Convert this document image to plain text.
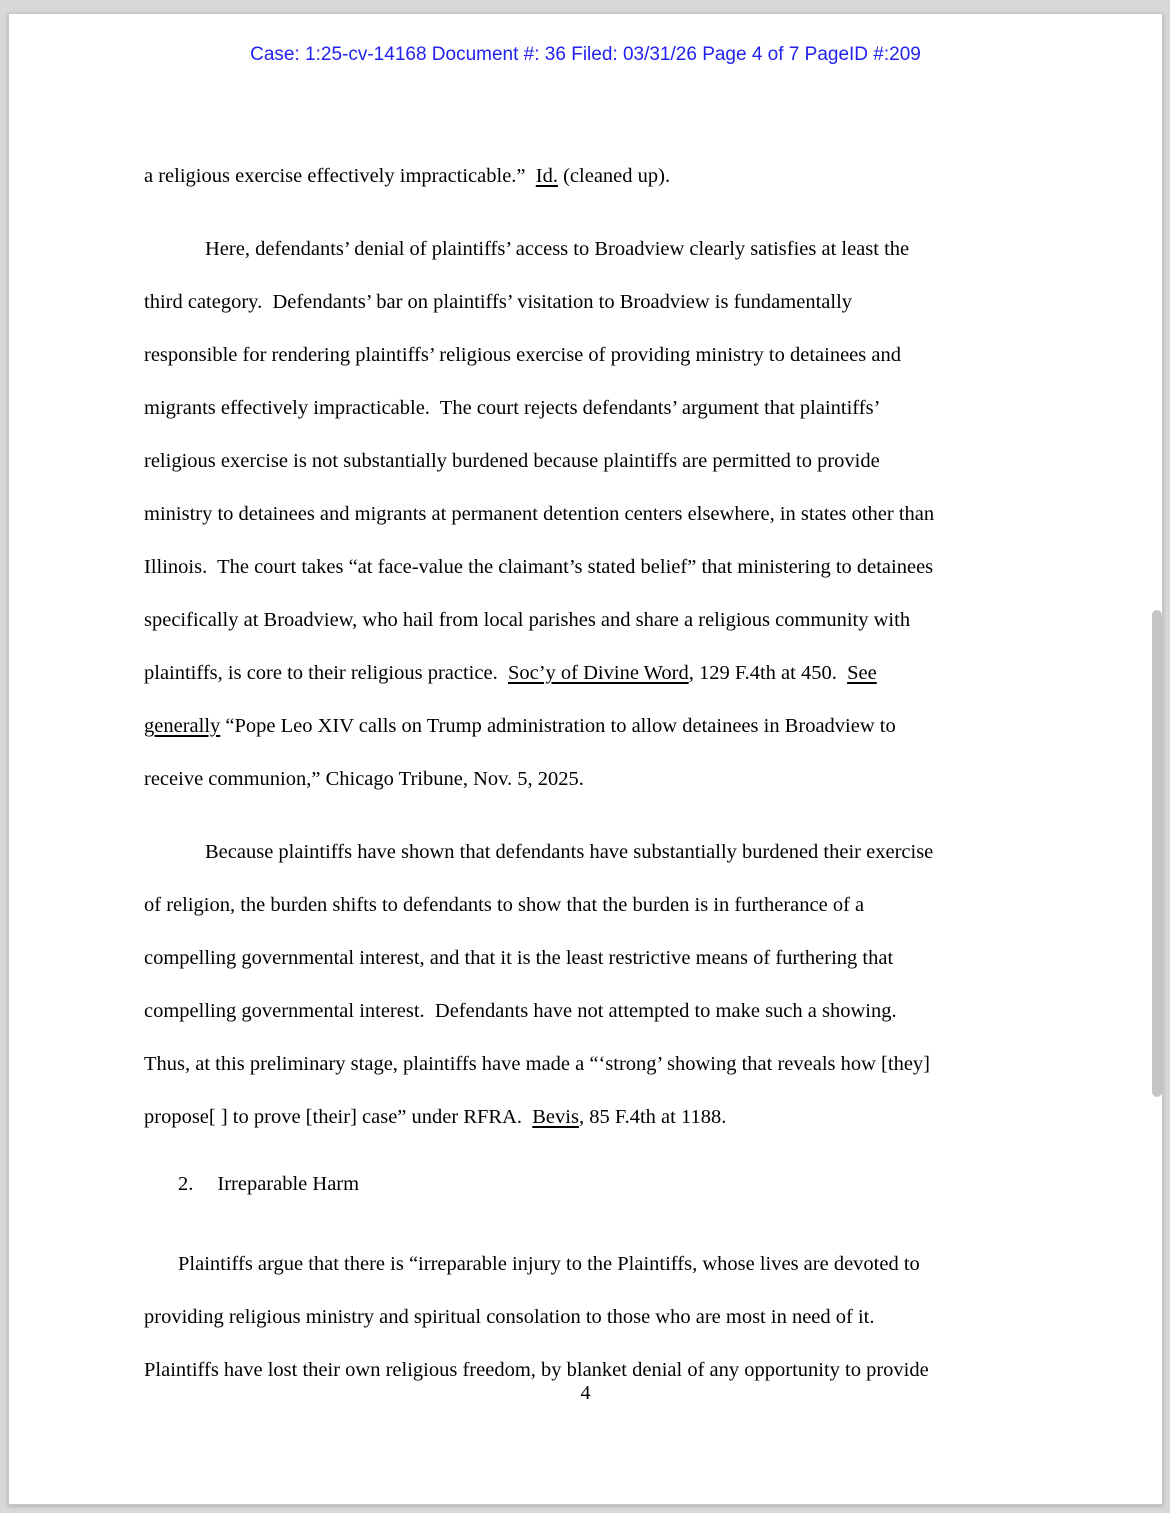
Case: 1:25-cv-14168 Document #: 36 Filed: 03/31/26 Page 4 of 7 PageID #:209
a religious exercise effectively impracticable.”  Id. (cleaned up).
Here, defendants’ denial of plaintiffs’ access to Broadview clearly satisfies at least the
third category.  Defendants’ bar on plaintiffs’ visitation to Broadview is fundamentally
responsible for rendering plaintiffs’ religious exercise of providing ministry to detainees and
migrants effectively impracticable.  The court rejects defendants’ argument that plaintiffs’
religious exercise is not substantially burdened because plaintiffs are permitted to provide
ministry to detainees and migrants at permanent detention centers elsewhere, in states other than
Illinois.  The court takes “at face-value the claimant’s stated belief” that ministering to detainees
specifically at Broadview, who hail from local parishes and share a religious community with
plaintiffs, is core to their religious practice.  Soc’y of Divine Word, 129 F.4th at 450.  See
generally “Pope Leo XIV calls on Trump administration to allow detainees in Broadview to
receive communion,” Chicago Tribune, Nov. 5, 2025.
Because plaintiffs have shown that defendants have substantially burdened their exercise
of religion, the burden shifts to defendants to show that the burden is in furtherance of a
compelling governmental interest, and that it is the least restrictive means of furthering that
compelling governmental interest.  Defendants have not attempted to make such a showing.
Thus, at this preliminary stage, plaintiffs have made a “‘strong’ showing that reveals how [they]
propose[ ] to prove [their] case” under RFRA.  Bevis, 85 F.4th at 1188.
2. Irreparable Harm
Plaintiffs argue that there is “irreparable injury to the Plaintiffs, whose lives are devoted to
providing religious ministry and spiritual consolation to those who are most in need of it.
Plaintiffs have lost their own religious freedom, by blanket denial of any opportunity to provide
4
